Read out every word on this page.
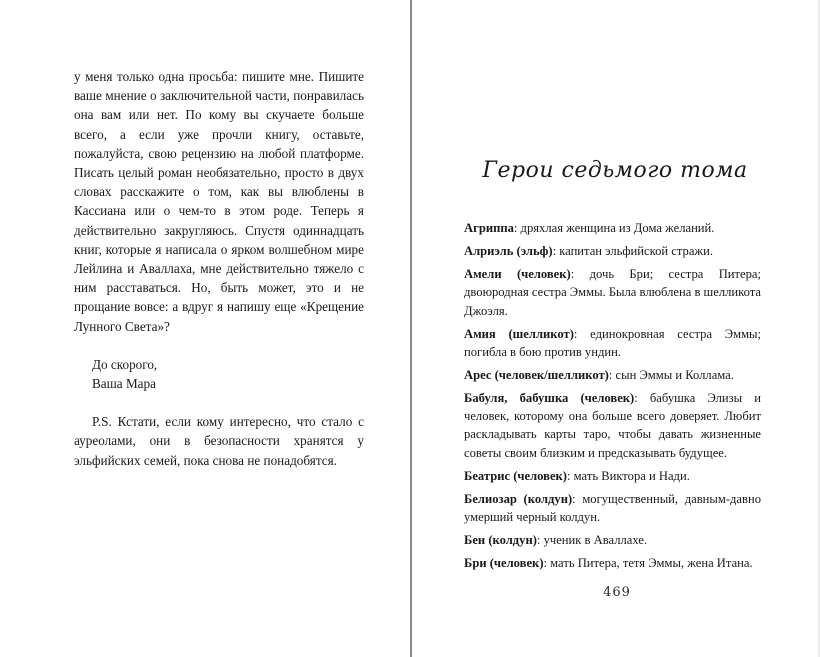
у меня только одна просьба: пишите мне. Пишите ваше мнение о заключительной части, понравилась она вам или нет. По кому вы скучаете больше всего, а если уже прочли книгу, оставьте, пожалуйста, свою рецензию на любой платформе. Писать целый роман необязательно, просто в двух словах расскажите о том, как вы влюблены в Кассиана или о чем-то в этом роде. Теперь я действительно закругляюсь. Спустя одиннадцать книг, которые я написала о ярком волшебном мире Лейлина и Аваллаха, мне действительно тяжело с ним расставаться. Но, быть может, это и не прощание вовсе: а вдруг я напишу еще «Крещение Лунного Света»?

До скорого,
Ваша Мара

P.S. Кстати, если кому интересно, что стало с ауреолами, они в безопасности хранятся у эльфийских семей, пока снова не понадобятся.

Герои седьмого тома

Агриппа: дряхлая женщина из Дома желаний.

Алриэль (эльф): капитан эльфийской стражи.

Амели (человек): дочь Бри; сестра Питера; двоюродная сестра Эммы. Была влюблена в шелликота Джоэля.

Амия (шелликот): единокровная сестра Эммы; погибла в бою против ундин.

Арес (человек/шелликот): сын Эммы и Коллама.

Бабуля, бабушка (человек): бабушка Элизы и человек, которому она больше всего доверяет. Любит раскладывать карты таро, чтобы давать жизненные советы своим близким и предсказывать будущее.

Беатрис (человек): мать Виктора и Нади.

Белиозар (колдун): могущественный, давным-давно умерший черный колдун.

Бен (колдун): ученик в Аваллахе.

Бри (человек): мать Питера, тетя Эммы, жена Итана.

469
